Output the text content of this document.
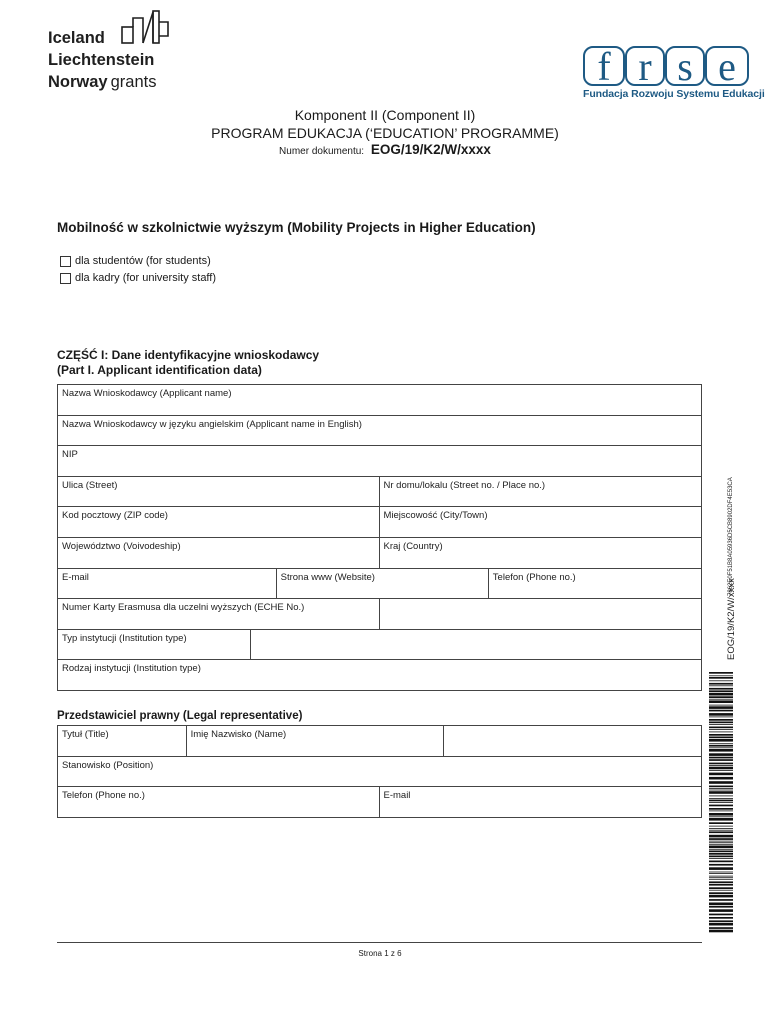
Iceland
Liechtenstein
Norway grants	f r s e
Fundacja Rozwoju Systemu Edukacji
Komponent II (Component II)
PROGRAM EDUKACJA (‘EDUCATION’ PROGRAMME)
Numer dokumentu: EOG/19/K2/W/xxxx
Mobilność w szkolnictwie wyższym (Mobility Projects in Higher Education)
dla studentów (for students)
dla kadry (for university staff)
CZĘŚĆ I: Dane identyfikacyjne wnioskodawcy
(Part I. Applicant identification data)
Nazwa Wnioskodawcy (Applicant name)
Nazwa Wnioskodawcy w języku angielskim (Applicant name in English)
NIP
Ulica (Street)	Nr domu/lokalu (Street no. / Place no.)
Kod pocztowy (ZIP code)	Miejscowość (City/Town)
Województwo (Voivodeship)	Kraj (Country)
E-mail	Strona www (Website)	Telefon (Phone no.)
Numer Karty Erasmusa dla uczelni wyższych (ECHE No.)
Typ instytucji (Institution type)
Rodzaj instytucji (Institution type)
Przedstawiciel prawny (Legal representative)
Tytuł (Title)	Imię Nazwisko (Name)
Stanowisko (Position)
Telefon (Phone no.)	E-mail
Strona 1 z 6
7862E0F51B8A05936D5CB8902DF4E53CA
EOG/19/K2/W/xxxx
